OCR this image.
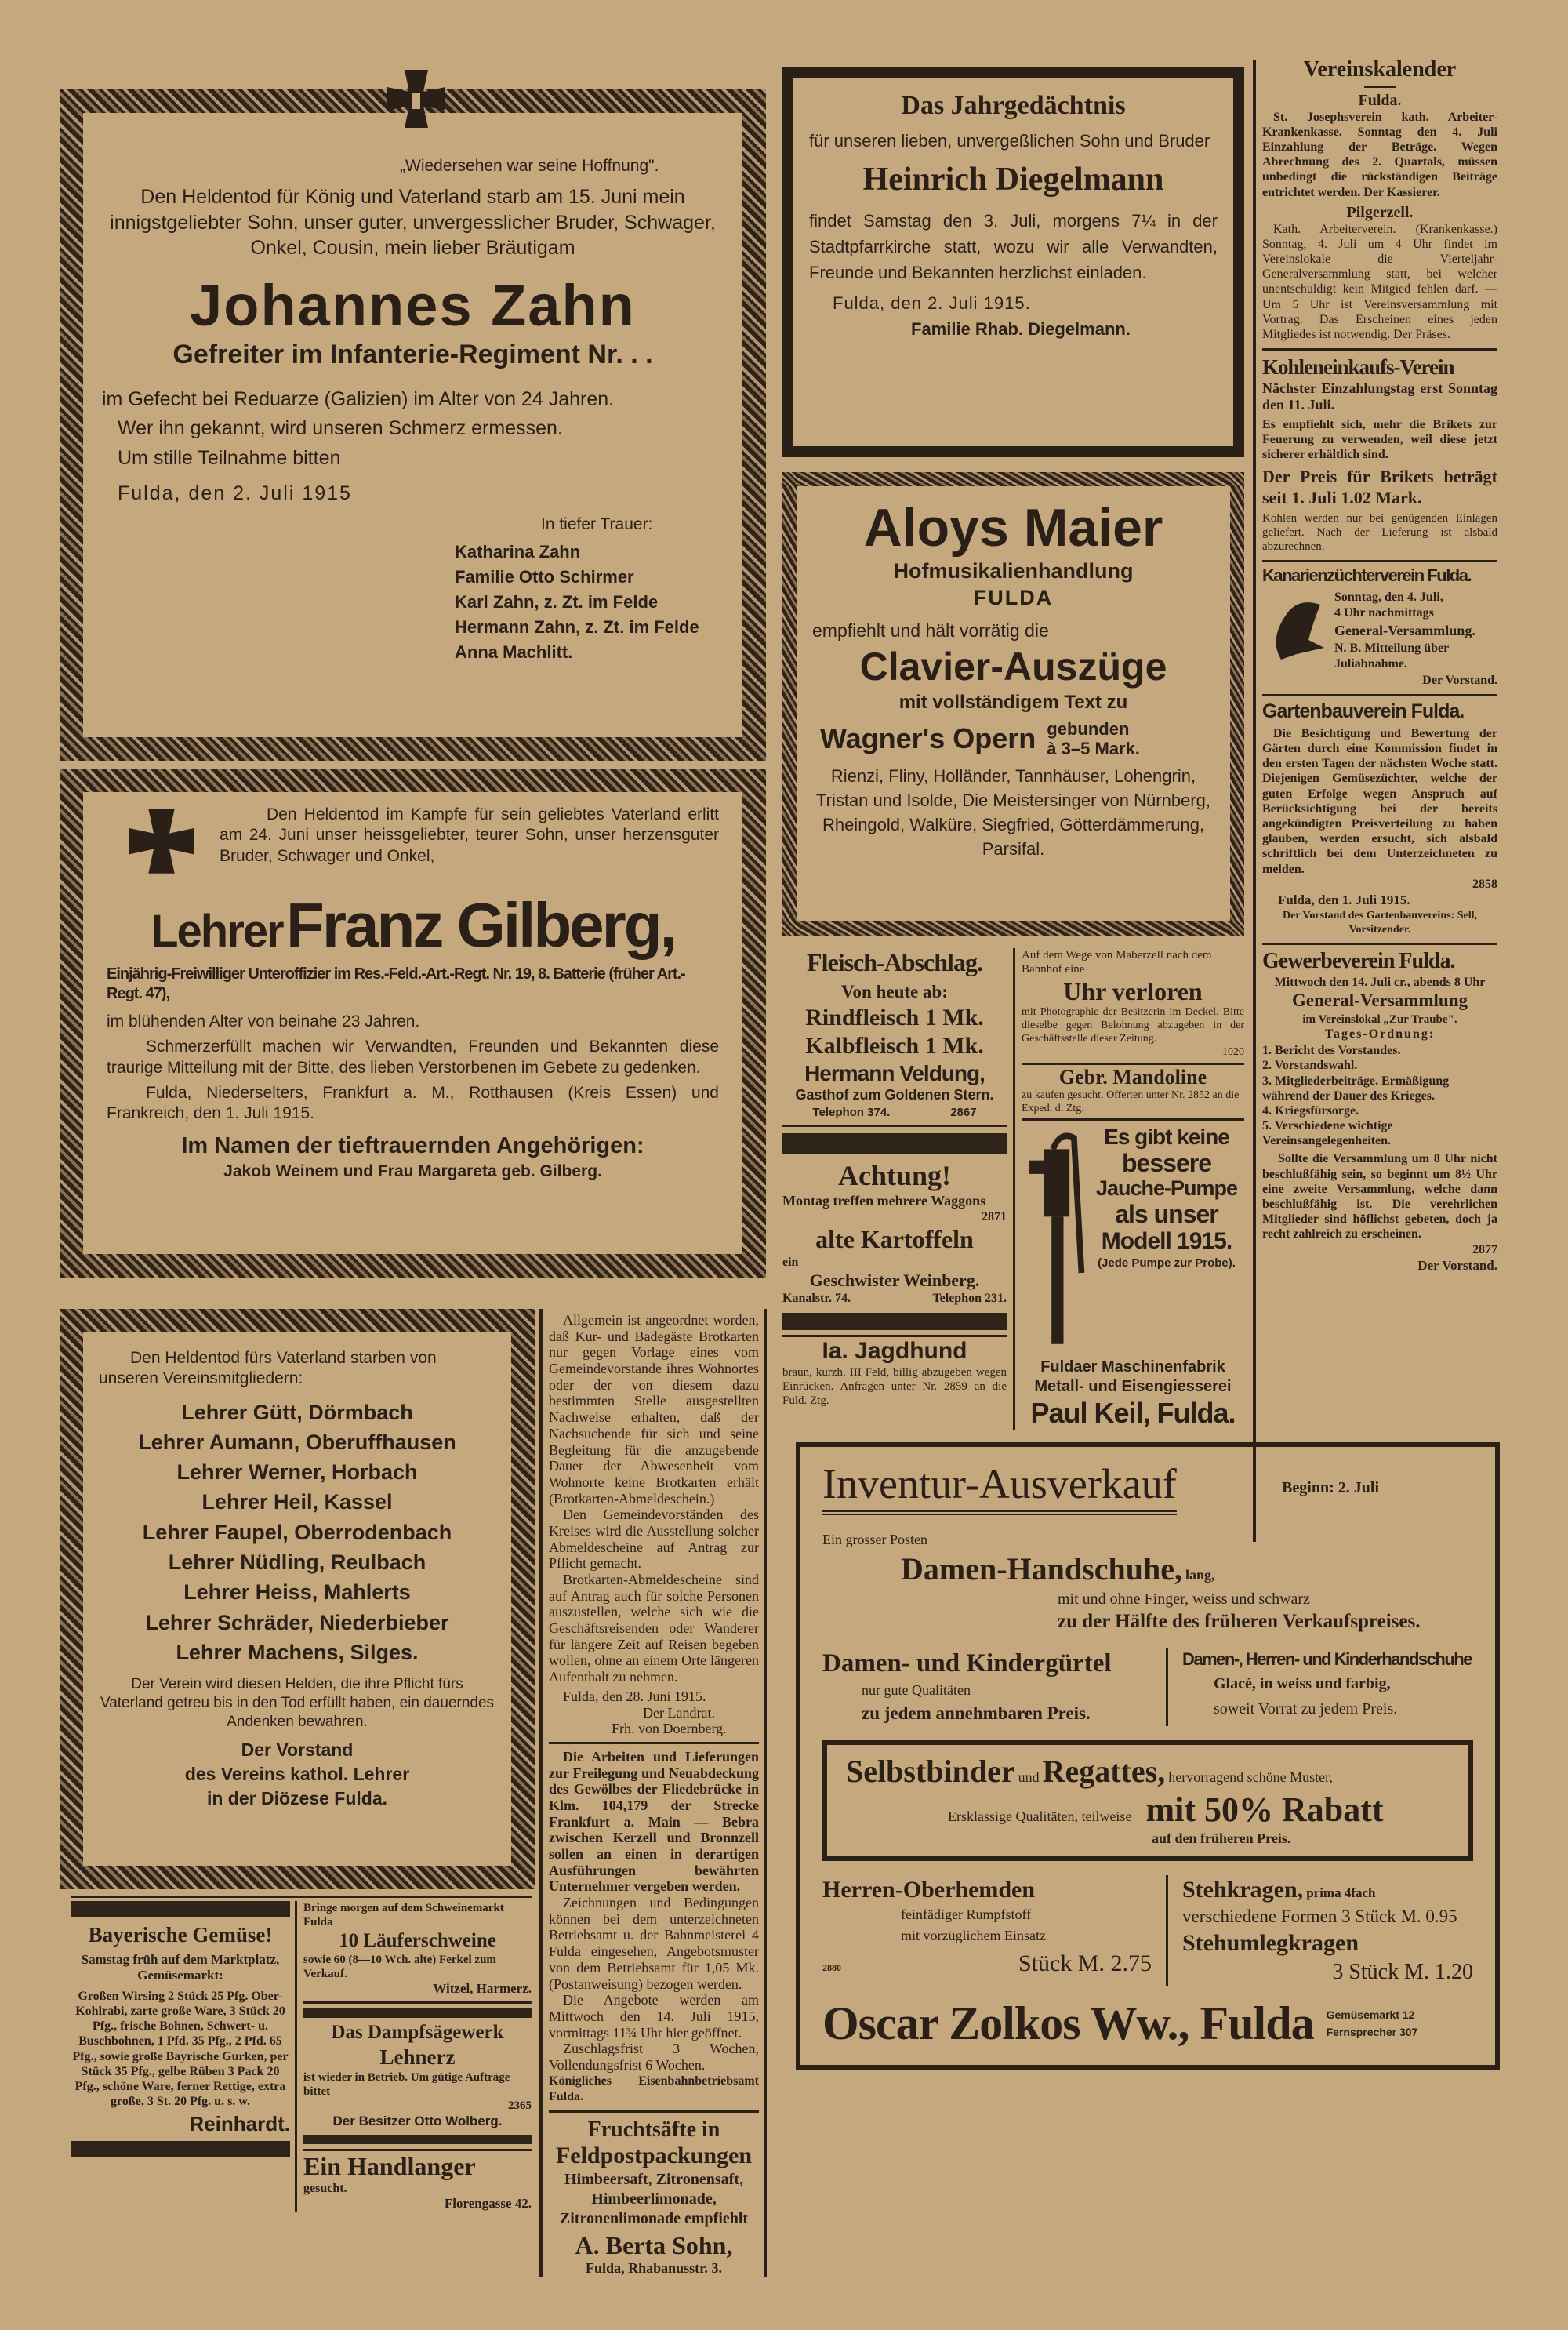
„Wiedersehen war seine Hoffnung".

Den Heldentod für König und Vaterland starb am 15. Juni mein innigstgeliebter Sohn, unser guter, unvergesslicher Bruder, Schwager, Onkel, Cousin, mein lieber Bräutigam

Johannes Zahn

Gefreiter im Infanterie-Regiment Nr. . .

im Gefecht bei Reduarze (Galizien) im Alter von 24 Jahren.

Wer ihn gekannt, wird unseren Schmerz ermessen.

Um stille Teilnahme bitten

Fulda, den 2. Juli 1915

In tiefer Trauer:

Katharina Zahn

Familie Otto Schirmer

Karl Zahn, z. Zt. im Felde

Hermann Zahn, z. Zt. im Felde

Anna Machlitt.

Den Heldentod im Kampfe für sein geliebtes Vaterland erlitt am 24. Juni unser heissgeliebter, teurer Sohn, unser herzensguter Bruder, Schwager und Onkel,

Lehrer Franz Gilberg,

Einjährig-Freiwilliger Unteroffizier im Res.-Feld.-Art.-Regt. Nr. 19, 8. Batterie (früher Art.-Regt. 47),

im blühenden Alter von beinahe 23 Jahren.

Schmerzerfüllt machen wir Verwandten, Freunden und Bekannten diese traurige Mitteilung mit der Bitte, des lieben Verstorbenen im Gebete zu gedenken.

Fulda, Niederselters, Frankfurt a. M., Rotthausen (Kreis Essen) und Frankreich, den 1. Juli 1915.

Im Namen der tieftrauernden Angehörigen:

Jakob Weinem und Frau Margareta geb. Gilberg.

Den Heldentod fürs Vaterland starben von unseren Vereinsmitgliedern:

Lehrer Gütt, Dörmbach

Lehrer Aumann, Oberuffhausen

Lehrer Werner, Horbach

Lehrer Heil, Kassel

Lehrer Faupel, Oberrodenbach

Lehrer Nüdling, Reulbach

Lehrer Heiss, Mahlerts

Lehrer Schräder, Niederbieber

Lehrer Machens, Silges.

Der Verein wird diesen Helden, die ihre Pflicht fürs Vaterland getreu bis in den Tod erfüllt haben, ein dauerndes Andenken bewahren.

Der Vorstand

des Vereins kathol. Lehrer

in der Diözese Fulda.

Bayerische Gemüse!

Samstag früh auf dem Marktplatz, Gemüsemarkt:

Großen Wirsing 2 Stück 25 Pfg. Ober-Kohlrabi, zarte große Ware, 3 Stück 20 Pfg., frische Bohnen, Schwert- u. Buschbohnen, 1 Pfd. 35 Pfg., 2 Pfd. 65 Pfg., sowie große Bayrische Gurken, per Stück 35 Pfg., gelbe Rüben 3 Pack 20 Pfg., schöne Ware, ferner Rettige, extra große, 3 St. 20 Pfg. u. s. w.

Reinhardt.

Bringe morgen auf dem Schweinemarkt Fulda

10 Läuferschweine

sowie 60 (8—10 Wch. alte) Ferkel zum Verkauf.

Witzel, Harmerz.

Das Dampfsägewerk

Lehnerz

ist wieder in Betrieb. Um gütige Aufträge bittet

2365

Der Besitzer Otto Wolberg.

Ein Handlanger

gesucht.

Florengasse 42.

Allgemein ist angeordnet worden, daß Kur- und Badegäste Brotkarten nur gegen Vorlage eines vom Gemeindevorstande ihres Wohnortes oder der von diesem dazu bestimmten Stelle ausgestellten Nachweise erhalten, daß der Nachsuchende für sich und seine Begleitung für die anzugebende Dauer der Abwesenheit vom Wohnorte keine Brotkarten erhält (Brotkarten-Abmeldeschein.)

Den Gemeindevorständen des Kreises wird die Ausstellung solcher Abmeldescheine auf Antrag zur Pflicht gemacht.

Brotkarten-Abmeldescheine sind auf Antrag auch für solche Personen auszustellen, welche sich wie die Geschäftsreisenden oder Wanderer für längere Zeit auf Reisen begeben wollen, ohne an einem Orte längeren Aufenthalt zu nehmen.

Fulda, den 28. Juni 1915.

Der Landrat.

Frh. von Doernberg.

Die Arbeiten und Lieferungen zur Freilegung und Neuabdeckung des Gewölbes der Fliedebrücke in Klm. 104,179 der Strecke Frankfurt a. Main — Bebra zwischen Kerzell und Bronnzell sollen an einen in derartigen Ausführungen bewährten Unternehmer vergeben werden.

Zeichnungen und Bedingungen können bei dem unterzeichneten Betriebsamt u. der Bahnmeisterei 4 Fulda eingesehen, Angebotsmuster von dem Betriebsamt für 1,05 Mk. (Postanweisung) bezogen werden.

Die Angebote werden am Mittwoch den 14. Juli 1915, vormittags 11¾ Uhr hier geöffnet.

Zuschlagsfrist 3 Wochen, Vollendungsfrist 6 Wochen.

Königliches Eisenbahnbetriebsamt Fulda.

Fruchtsäfte in

Feldpostpackungen

Himbeersaft, Zitronensaft, Himbeerlimonade, Zitronenlimonade empfiehlt

A. Berta Sohn,

Fulda, Rhabanusstr. 3.

Das Jahrgedächtnis

für unseren lieben, unvergeßlichen Sohn und Bruder

Heinrich Diegelmann

findet Samstag den 3. Juli, morgens 7¼ in der Stadtpfarrkirche statt, wozu wir alle Verwandten, Freunde und Bekannten herzlichst einladen.

Fulda, den 2. Juli 1915.

Familie Rhab. Diegelmann.

Aloys Maier

Hofmusikalienhandlung

FULDA

empfiehlt und hält vorrätig die

Clavier-Auszüge

mit vollständigem Text zu

Wagner's Opern gebunden

à 3–5 Mark.

Rienzi, Fliny, Holländer, Tannhäuser, Lohengrin, Tristan und Isolde, Die Meistersinger von Nürnberg, Rheingold, Walküre, Siegfried, Götterdämmerung, Parsifal.

Fleisch-Abschlag.

Von heute ab:

Rindfleisch 1 Mk.

Kalbfleisch 1 Mk.

Hermann Veldung,

Gasthof zum Goldenen Stern.

Telephon 374.	2867

Achtung!

Montag treffen mehrere Waggons

2871

alte Kartoffeln

ein

Geschwister Weinberg.

Kanalstr. 74.	Telephon 231.

Ia. Jagdhund

braun, kurzh. III Feld, billig abzugeben wegen Einrücken. Anfragen unter Nr. 2859 an die Fuld. Ztg.

Auf dem Wege von Maberzell nach dem Bahnhof eine

Uhr verloren

mit Photographie der Besitzerin im Deckel. Bitte dieselbe gegen Belohnung abzugeben in der Geschäftsstelle dieser Zeitung.

1020

Gebr. Mandoline

zu kaufen gesucht. Offerten unter Nr. 2852 an die Exped. d. Ztg.

Es gibt keine

bessere

Jauche-Pumpe

als unser

Modell 1915.

(Jede Pumpe zur Probe).

Fuldaer Maschinenfabrik

Metall- und Eisengiesserei

Paul Keil, Fulda.

Inventur-Ausverkauf	Beginn: 2. Juli

Ein grosser Posten

Damen-Handschuhe, lang,

mit und ohne Finger, weiss und schwarz

zu der Hälfte des früheren Verkaufspreises.

Damen- und Kindergürtel

nur gute Qualitäten

zu jedem annehmbaren Preis.

Damen-, Herren- und Kinderhandschuhe

Glacé, in weiss und farbig,

soweit Vorrat zu jedem Preis.

Selbstbinder und Regattes, hervorragend schöne Muster,

Ersklassige Qualitäten, teilweise mit 50% Rabatt

auf den früheren Preis.

Herren-Oberhemden

feinfädiger Rumpfstoff

mit vorzüglichem Einsatz

2880	Stück M. 2.75

Stehkragen, prima 4fach

verschiedene Formen 3 Stück M. 0.95

Stehumlegkragen

3 Stück M. 1.20

Oscar Zolkos Ww., Fulda Gemüsemarkt 12

Fernsprecher 307

Vereinskalender

Fulda.

St. Josephsverein kath. Arbeiter-Krankenkasse. Sonntag den 4. Juli Einzahlung der Beträge. Wegen Abrechnung des 2. Quartals, müssen unbedingt die rückständigen Beiträge entrichtet werden. Der Kassierer.

Pilgerzell.

Kath. Arbeiterverein. (Krankenkasse.) Sonntag, 4. Juli um 4 Uhr findet im Vereinslokale die Vierteljahr-Generalversammlung statt, bei welcher unentschuldigt kein Mitgied fehlen darf. — Um 5 Uhr ist Vereinsversammlung mit Vortrag. Das Erscheinen eines jeden Mitgliedes ist notwendig. Der Präses.

Kohleneinkaufs-Verein

Nächster Einzahlungstag erst Sonntag den 11. Juli.

Es empfiehlt sich, mehr die Brikets zur Feuerung zu verwenden, weil diese jetzt sicherer erhältlich sind.

Der Preis für Brikets beträgt seit 1. Juli 1.02 Mark.

Kohlen werden nur bei genügenden Einlagen geliefert. Nach der Lieferung ist alsbald abzurechnen.

Kanarienzüchterverein Fulda.

Sonntag, den 4. Juli,

4 Uhr nachmittags

General-Versammlung.

N. B. Mitteilung über Juliabnahme.

Der Vorstand.

Gartenbauverein Fulda.

Die Besichtigung und Bewertung der Gärten durch eine Kommission findet in den ersten Tagen der nächsten Woche statt. Diejenigen Gemüsezüchter, welche der guten Erfolge wegen Anspruch auf Berücksichtigung bei der bereits angekündigten Preisverteilung zu haben glauben, werden ersucht, sich alsbald schriftlich bei dem Unterzeichneten zu melden.

2858

Fulda, den 1. Juli 1915.

Der Vorstand des Gartenbauvereins: Sell, Vorsitzender.

Gewerbeverein Fulda.

Mittwoch den 14. Juli cr., abends 8 Uhr

General-Versammlung

im Vereinslokal „Zur Traube".

Tages-Ordnung:

1. Bericht des Vorstandes.

2. Vorstandswahl.

3. Mitgliederbeiträge. Ermäßigung während der Dauer des Krieges.

4. Kriegsfürsorge.

5. Verschiedene wichtige Vereinsangelegenheiten.

Sollte die Versammlung um 8 Uhr nicht beschlußfähig sein, so beginnt um 8½ Uhr eine zweite Versammlung, welche dann beschlußfähig ist. Die verehrlichen Mitglieder sind höflichst gebeten, doch ja recht zahlreich zu erscheinen.

2877

Der Vorstand.
